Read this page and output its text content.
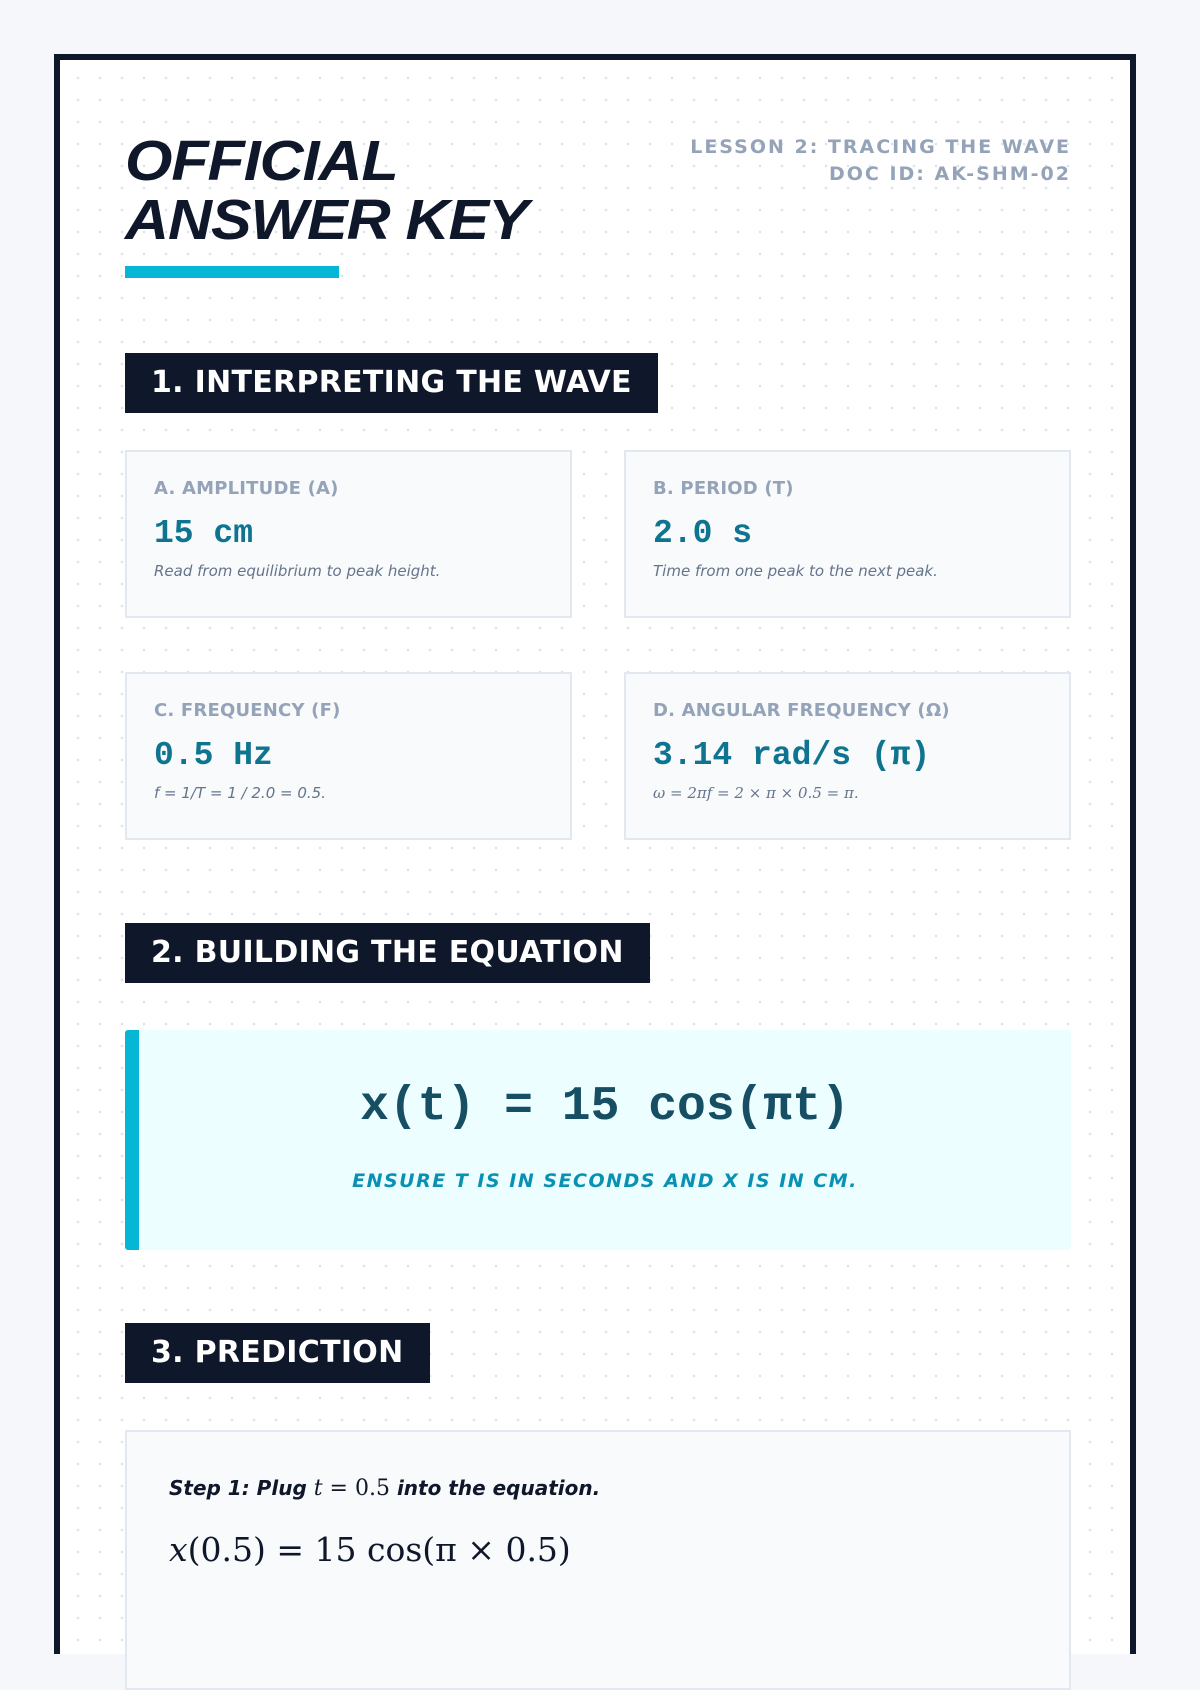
OFFICIAL
ANSWER KEY
LESSON 2: TRACING THE WAVE
DOC ID: AK-SHM-02
1. INTERPRETING THE WAVE
A. AMPLITUDE (A)
15 cm
Read from equilibrium to peak height.
B. PERIOD (T)
2.0 s
Time from one peak to the next peak.
C. FREQUENCY (F)
0.5 Hz
f = 1/T = 1 / 2.0 = 0.5.
D. ANGULAR FREQUENCY (Ω)
3.14 rad/s (π)
ω = 2πf = 2 × π × 0.5 = π.
2. BUILDING THE EQUATION
x(t) = 15 cos(πt)
ENSURE T IS IN SECONDS AND X IS IN CM.
3. PREDICTION
Step 1: Plug t = 0.5 into the equation.
x(0.5) = 15 cos(π × 0.5)
